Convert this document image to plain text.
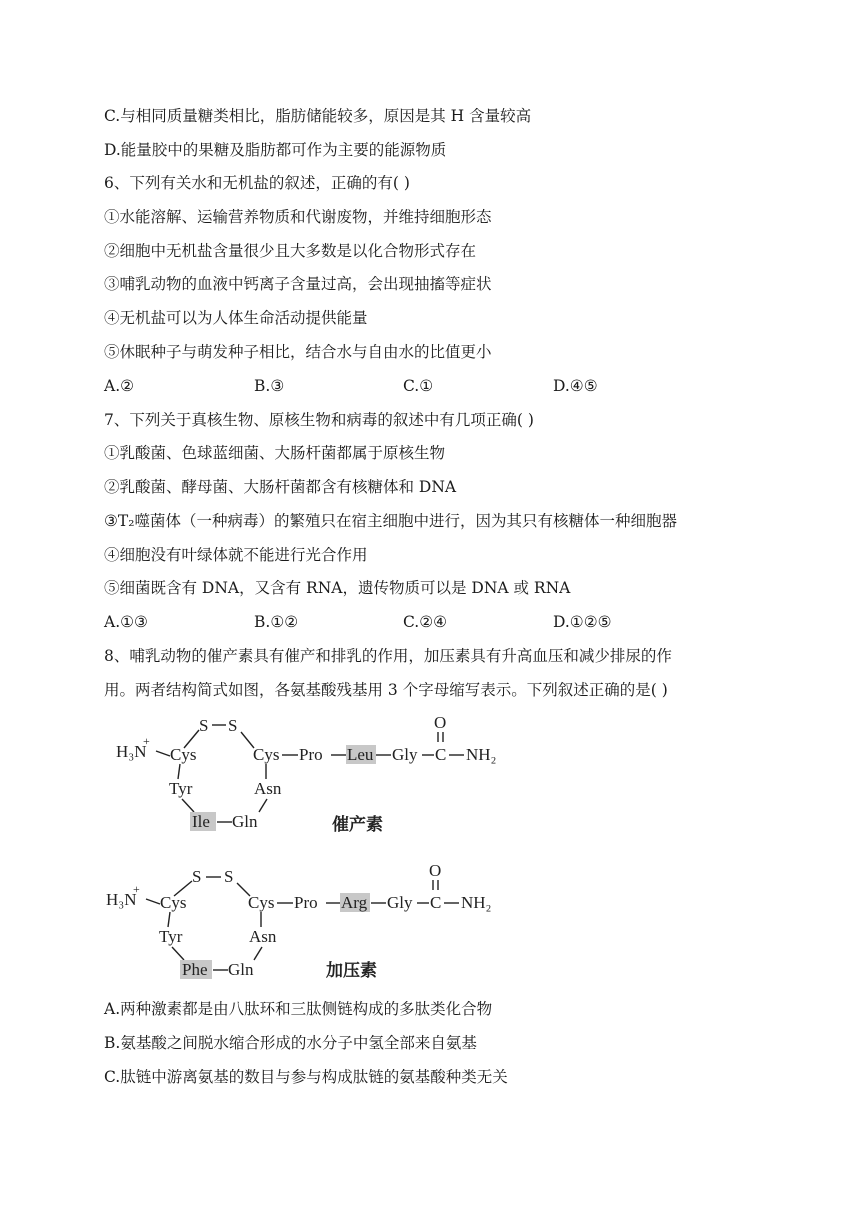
C.与相同质量糖类相比，脂肪储能较多，原因是其 H 含量较高
D.能量胶中的果糖及脂肪都可作为主要的能源物质
6、下列有关水和无机盐的叙述，正确的有( )
①水能溶解、运输营养物质和代谢废物，并维持细胞形态
②细胞中无机盐含量很少且大多数是以化合物形式存在
③哺乳动物的血液中钙离子含量过高，会出现抽搐等症状
④无机盐可以为人体生命活动提供能量
⑤休眠种子与萌发种子相比，结合水与自由水的比值更小
A.②	B.③	C.①	D.④⑤
7、下列关于真核生物、原核生物和病毒的叙述中有几项正确( )
①乳酸菌、色球蓝细菌、大肠杆菌都属于原核生物
②乳酸菌、酵母菌、大肠杆菌都含有核糖体和 DNA
③T₂噬菌体（一种病毒）的繁殖只在宿主细胞中进行，因为其只有核糖体一种细胞器
④细胞没有叶绿体就不能进行光合作用
⑤细菌既含有 DNA，又含有 RNA，遗传物质可以是 DNA 或 RNA
A.①③	B.①②	C.②④	D.①②⑤
8、哺乳动物的催产素具有催产和排乳的作用，加压素具有升高血压和减少排尿的作
用。两者结构简式如图，各氨基酸残基用 3 个字母缩写表示。下列叙述正确的是( )
H₃N
+
Cys
S S
Cys Pro Leu Gly C
O
NH₂
Tyr	Asn
Ile Gln	催产素
H₃N
+
Cys
S S
Cys Pro Arg Gly C
O
NH₂
Tyr	Asn
Phe Gln	加压素
A.两种激素都是由八肽环和三肽侧链构成的多肽类化合物
B.氨基酸之间脱水缩合形成的水分子中氢全部来自氨基
C.肽链中游离氨基的数目与参与构成肽链的氨基酸种类无关
